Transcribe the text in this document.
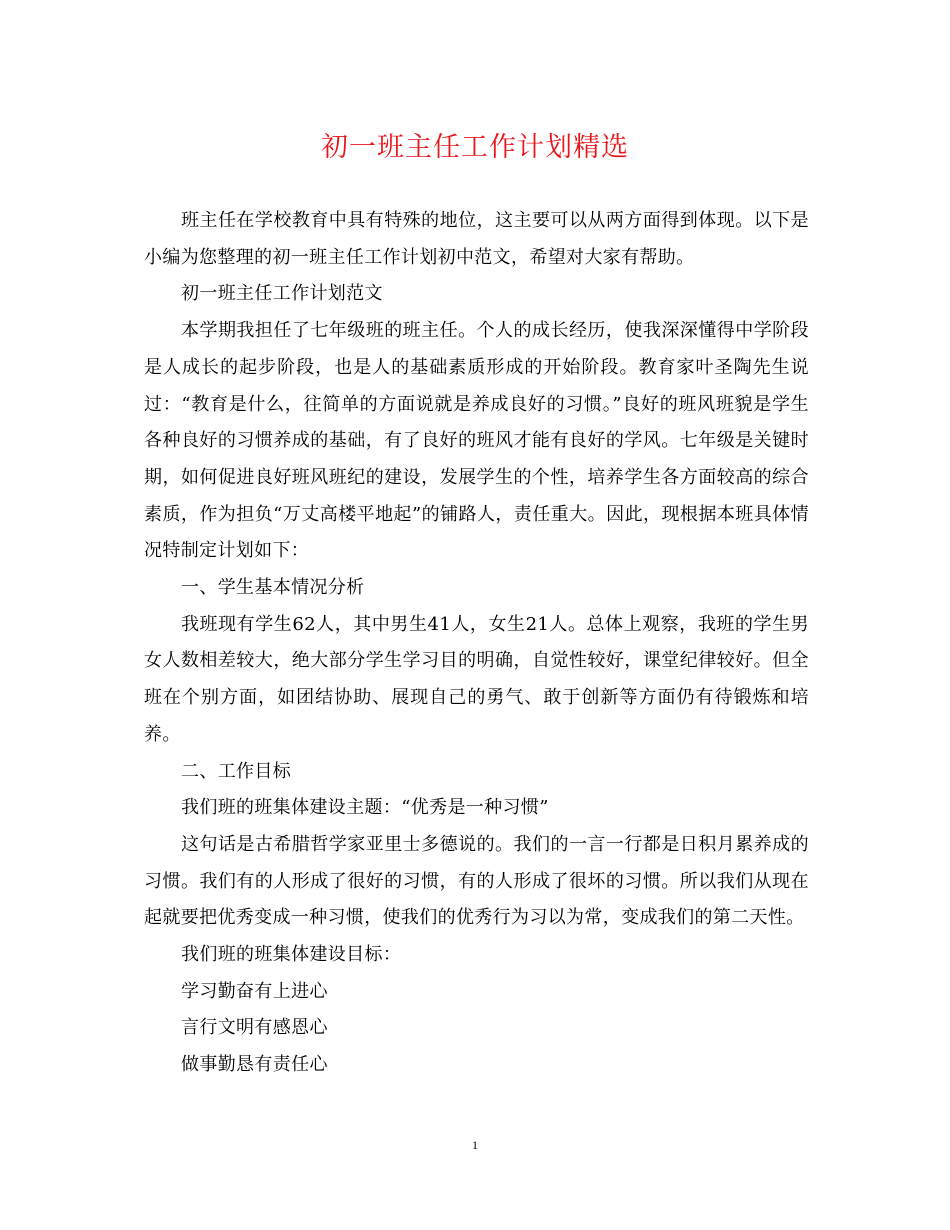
初一班主任工作计划精选

班主任在学校教育中具有特殊的地位，这主要可以从两方面得到体现。以下是小编为您整理的初一班主任工作计划初中范文，希望对大家有帮助。

初一班主任工作计划范文

本学期我担任了七年级班的班主任。个人的成长经历，使我深深懂得中学阶段是人成长的起步阶段，也是人的基础素质形成的开始阶段。教育家叶圣陶先生说过：“教育是什么，往简单的方面说就是养成良好的习惯。”良好的班风班貌是学生各种良好的习惯养成的基础，有了良好的班风才能有良好的学风。七年级是关键时期，如何促进良好班风班纪的建设，发展学生的个性，培养学生各方面较高的综合素质，作为担负“万丈高楼平地起”的铺路人，责任重大。因此，现根据本班具体情况特制定计划如下：

一、学生基本情况分析

我班现有学生62人，其中男生41人，女生21人。总体上观察，我班的学生男女人数相差较大，绝大部分学生学习目的明确，自觉性较好，课堂纪律较好。但全班在个别方面，如团结协助、展现自己的勇气、敢于创新等方面仍有待锻炼和培养。

二、工作目标

我们班的班集体建设主题：“优秀是一种习惯”

这句话是古希腊哲学家亚里士多德说的。我们的一言一行都是日积月累养成的习惯。我们有的人形成了很好的习惯，有的人形成了很坏的习惯。所以我们从现在起就要把优秀变成一种习惯，使我们的优秀行为习以为常，变成我们的第二天性。

我们班的班集体建设目标：

学习勤奋有上进心

言行文明有感恩心

做事勤恳有责任心

1
